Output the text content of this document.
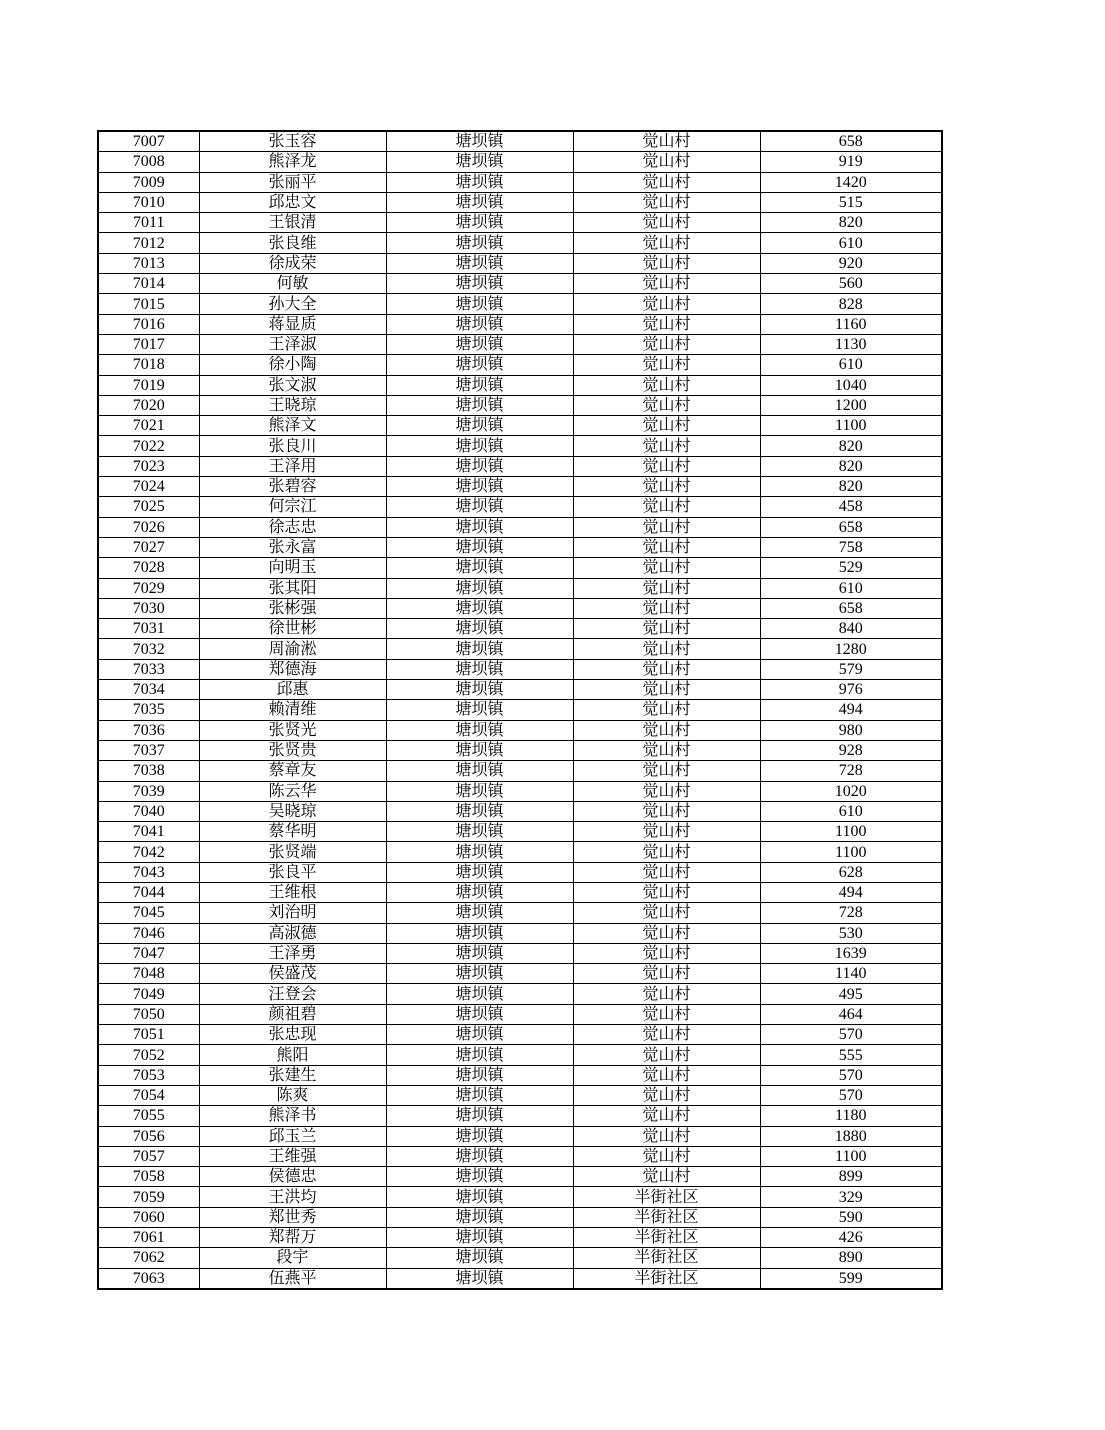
7007	张玉容	塘坝镇	觉山村	658
7008	熊泽龙	塘坝镇	觉山村	919
7009	张丽平	塘坝镇	觉山村	1420
7010	邱忠文	塘坝镇	觉山村	515
7011	王银清	塘坝镇	觉山村	820
7012	张良维	塘坝镇	觉山村	610
7013	徐成荣	塘坝镇	觉山村	920
7014	何敏	塘坝镇	觉山村	560
7015	孙大全	塘坝镇	觉山村	828
7016	蒋显质	塘坝镇	觉山村	1160
7017	王泽淑	塘坝镇	觉山村	1130
7018	徐小陶	塘坝镇	觉山村	610
7019	张文淑	塘坝镇	觉山村	1040
7020	王晓琼	塘坝镇	觉山村	1200
7021	熊泽文	塘坝镇	觉山村	1100
7022	张良川	塘坝镇	觉山村	820
7023	王泽用	塘坝镇	觉山村	820
7024	张碧容	塘坝镇	觉山村	820
7025	何宗江	塘坝镇	觉山村	458
7026	徐志忠	塘坝镇	觉山村	658
7027	张永富	塘坝镇	觉山村	758
7028	向明玉	塘坝镇	觉山村	529
7029	张其阳	塘坝镇	觉山村	610
7030	张彬强	塘坝镇	觉山村	658
7031	徐世彬	塘坝镇	觉山村	840
7032	周渝淞	塘坝镇	觉山村	1280
7033	郑德海	塘坝镇	觉山村	579
7034	邱惠	塘坝镇	觉山村	976
7035	赖清维	塘坝镇	觉山村	494
7036	张贤光	塘坝镇	觉山村	980
7037	张贤贵	塘坝镇	觉山村	928
7038	蔡章友	塘坝镇	觉山村	728
7039	陈云华	塘坝镇	觉山村	1020
7040	吴晓琼	塘坝镇	觉山村	610
7041	蔡华明	塘坝镇	觉山村	1100
7042	张贤端	塘坝镇	觉山村	1100
7043	张良平	塘坝镇	觉山村	628
7044	王维根	塘坝镇	觉山村	494
7045	刘治明	塘坝镇	觉山村	728
7046	高淑德	塘坝镇	觉山村	530
7047	王泽勇	塘坝镇	觉山村	1639
7048	侯盛茂	塘坝镇	觉山村	1140
7049	汪登会	塘坝镇	觉山村	495
7050	颜祖碧	塘坝镇	觉山村	464
7051	张忠现	塘坝镇	觉山村	570
7052	熊阳	塘坝镇	觉山村	555
7053	张建生	塘坝镇	觉山村	570
7054	陈爽	塘坝镇	觉山村	570
7055	熊泽书	塘坝镇	觉山村	1180
7056	邱玉兰	塘坝镇	觉山村	1880
7057	王维强	塘坝镇	觉山村	1100
7058	侯德忠	塘坝镇	觉山村	899
7059	王洪均	塘坝镇	半街社区	329
7060	郑世秀	塘坝镇	半街社区	590
7061	郑帮万	塘坝镇	半街社区	426
7062	段宇	塘坝镇	半街社区	890
7063	伍燕平	塘坝镇	半街社区	599
